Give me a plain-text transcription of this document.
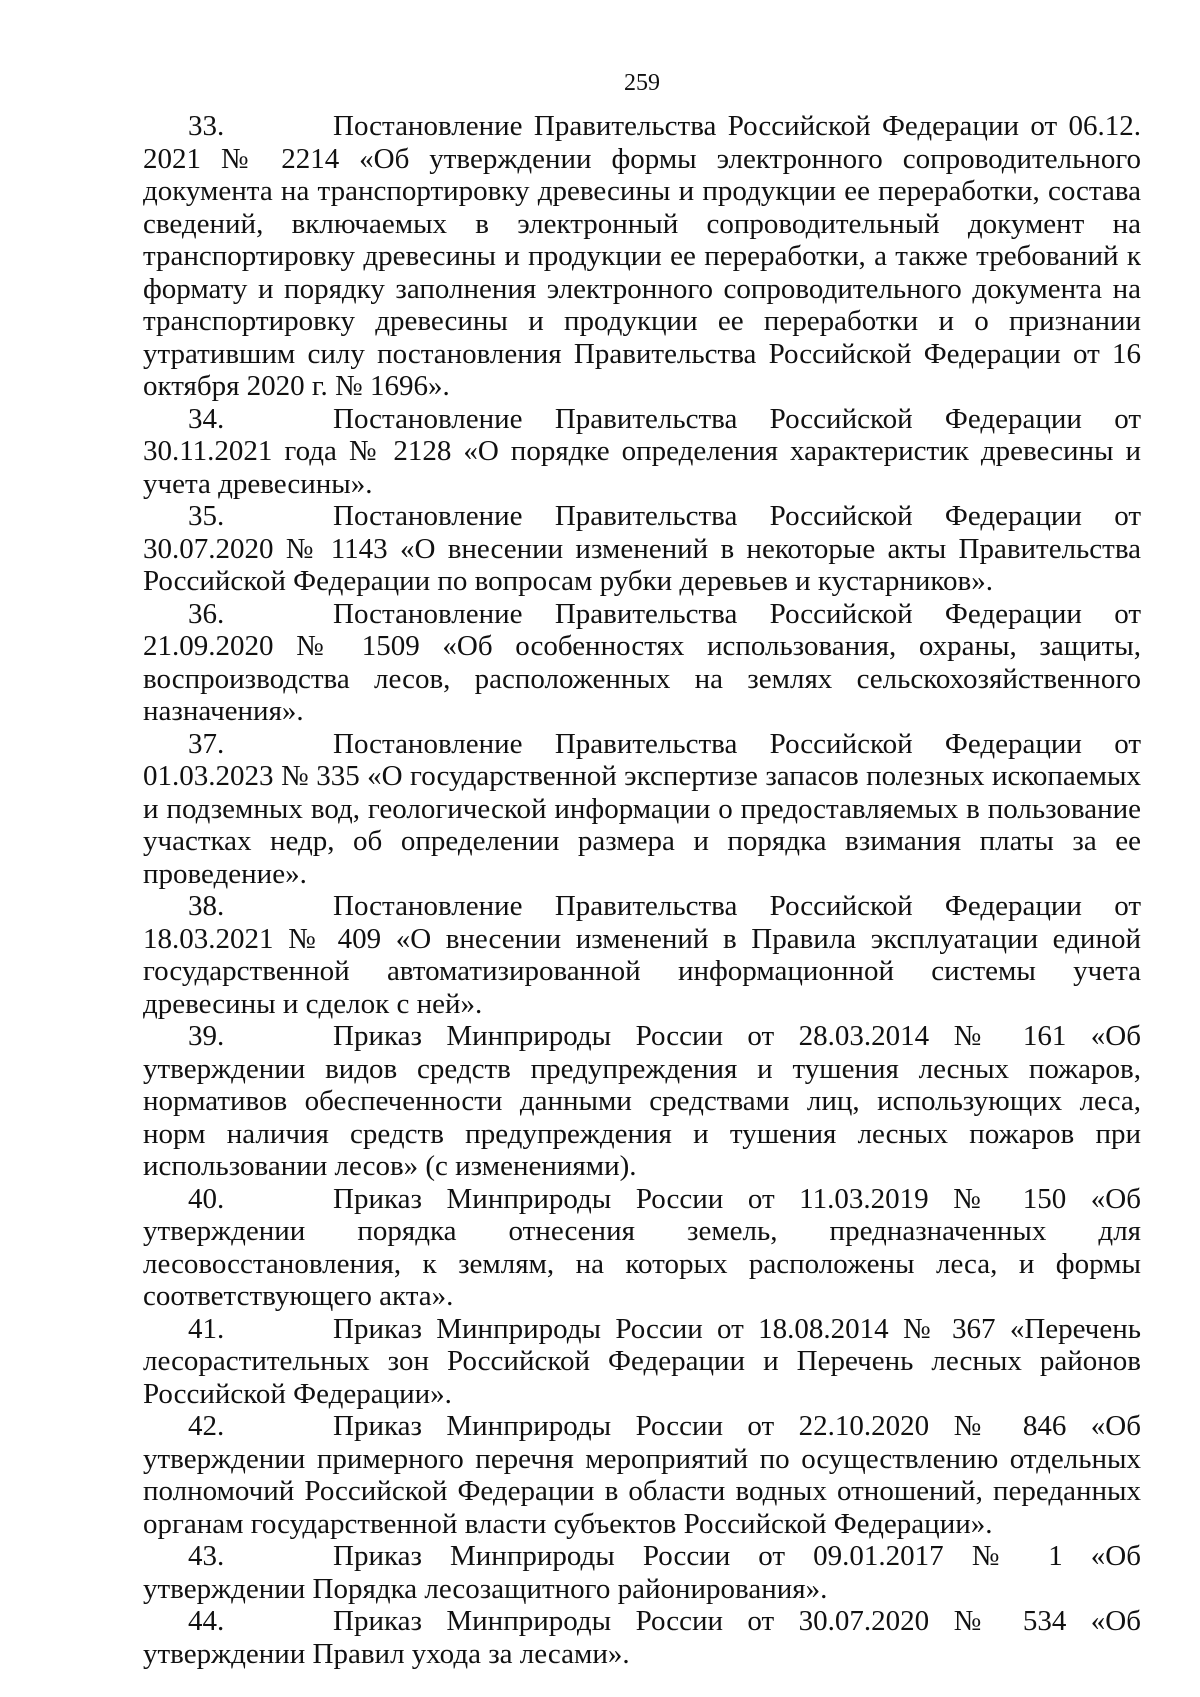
259

33.	Постановление Правительства Российской Федерации от 06.12. 2021 № 2214 «Об утверждении формы электронного сопроводительного документа на транспортировку древесины и продукции ее переработки, состава сведений, включаемых в электронный сопроводительный документ на транспортировку древесины и продукции ее переработки, а также требований к формату и порядку заполнения электронного сопроводительного документа на транспортировку древесины и продукции ее переработки и о признании утратившим силу постановления Правительства Российской Федерации от 16 октября 2020 г. № 1696».

34.	Постановление Правительства Российской Федерации от 30.11.2021 года № 2128 «О порядке определения характеристик древесины и учета древесины».

35.	Постановление Правительства Российской Федерации от 30.07.2020 № 1143 «О внесении изменений в некоторые акты Правительства Российской Федерации по вопросам рубки деревьев и кустарников».

36.	Постановление Правительства Российской Федерации от 21.09.2020 № 1509 «Об особенностях использования, охраны, защиты, воспроизводства лесов, расположенных на землях сельскохозяйственного назначения».

37.	Постановление Правительства Российской Федерации от 01.03.2023 № 335 «О государственной экспертизе запасов полезных ископаемых и подземных вод, геологической информации о предоставляемых в пользование участках недр, об определении размера и порядка взимания платы за ее проведение».

38.	Постановление Правительства Российской Федерации от 18.03.2021 № 409 «О внесении изменений в Правила эксплуатации единой государственной автоматизированной информационной системы учета древесины и сделок с ней».

39.	Приказ Минприроды России от 28.03.2014 № 161 «Об утверждении видов средств предупреждения и тушения лесных пожаров, нормативов обеспеченности данными средствами лиц, использующих леса, норм наличия средств предупреждения и тушения лесных пожаров при использовании лесов» (с изменениями).

40.	Приказ Минприроды России от 11.03.2019 № 150 «Об утверждении порядка отнесения земель, предназначенных для лесовосстановления, к землям, на которых расположены леса, и формы соответствующего акта».

41.	Приказ Минприроды России от 18.08.2014 № 367 «Перечень лесорастительных зон Российской Федерации и Перечень лесных районов Российской Федерации».

42.	Приказ Минприроды России от 22.10.2020 № 846 «Об утверждении примерного перечня мероприятий по осуществлению отдельных полномочий Российской Федерации в области водных отношений, переданных органам государственной власти субъектов Российской Федерации».

43.	Приказ Минприроды России от 09.01.2017 № 1 «Об утверждении Порядка лесозащитного районирования».

44.	Приказ Минприроды России от 30.07.2020 № 534 «Об утверждении Правил ухода за лесами».
